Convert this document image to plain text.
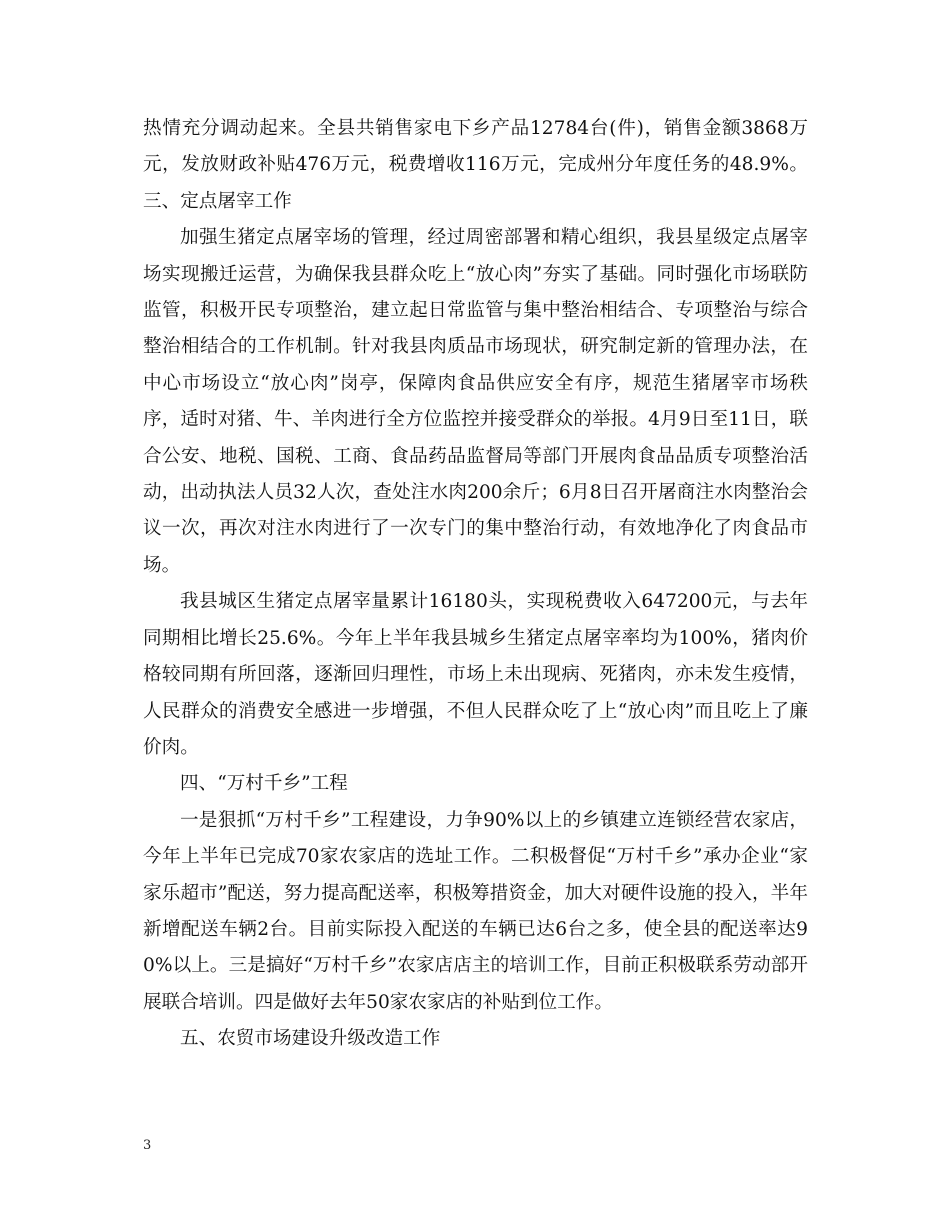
热情充分调动起来。全县共销售家电下乡产品12784台(件)，销售金额3868万元，发放财政补贴476万元，税费增收116万元，完成州分年度任务的48.9%。三、定点屠宰工作

加强生猪定点屠宰场的管理，经过周密部署和精心组织，我县星级定点屠宰场实现搬迁运营，为确保我县群众吃上“放心肉”夯实了基础。同时强化市场联防监管，积极开民专项整治，建立起日常监管与集中整治相结合、专项整治与综合整治相结合的工作机制。针对我县肉质品市场现状，研究制定新的管理办法，在中心市场设立“放心肉”岗亭，保障肉食品供应安全有序，规范生猪屠宰市场秩序，适时对猪、牛、羊肉进行全方位监控并接受群众的举报。4月9日至11日，联合公安、地税、国税、工商、食品药品监督局等部门开展肉食品品质专项整治活动，出动执法人员32人次，查处注水肉200余斤；6月8日召开屠商注水肉整治会议一次，再次对注水肉进行了一次专门的集中整治行动，有效地净化了肉食品市场。

我县城区生猪定点屠宰量累计16180头，实现税费收入647200元，与去年同期相比增长25.6%。今年上半年我县城乡生猪定点屠宰率均为100%，猪肉价格较同期有所回落，逐渐回归理性，市场上未出现病、死猪肉，亦未发生疫情，人民群众的消费安全感进一步增强，不但人民群众吃了上“放心肉”而且吃上了廉价肉。

四、“万村千乡”工程

一是狠抓“万村千乡”工程建设，力争90%以上的乡镇建立连锁经营农家店，今年上半年已完成70家农家店的选址工作。二积极督促“万村千乡”承办企业“家家乐超市”配送，努力提高配送率，积极筹措资金，加大对硬件设施的投入，半年新增配送车辆2台。目前实际投入配送的车辆已达6台之多，使全县的配送率达90%以上。三是搞好“万村千乡”农家店店主的培训工作，目前正积极联系劳动部开展联合培训。四是做好去年50家农家店的补贴到位工作。

五、农贸市场建设升级改造工作

3
